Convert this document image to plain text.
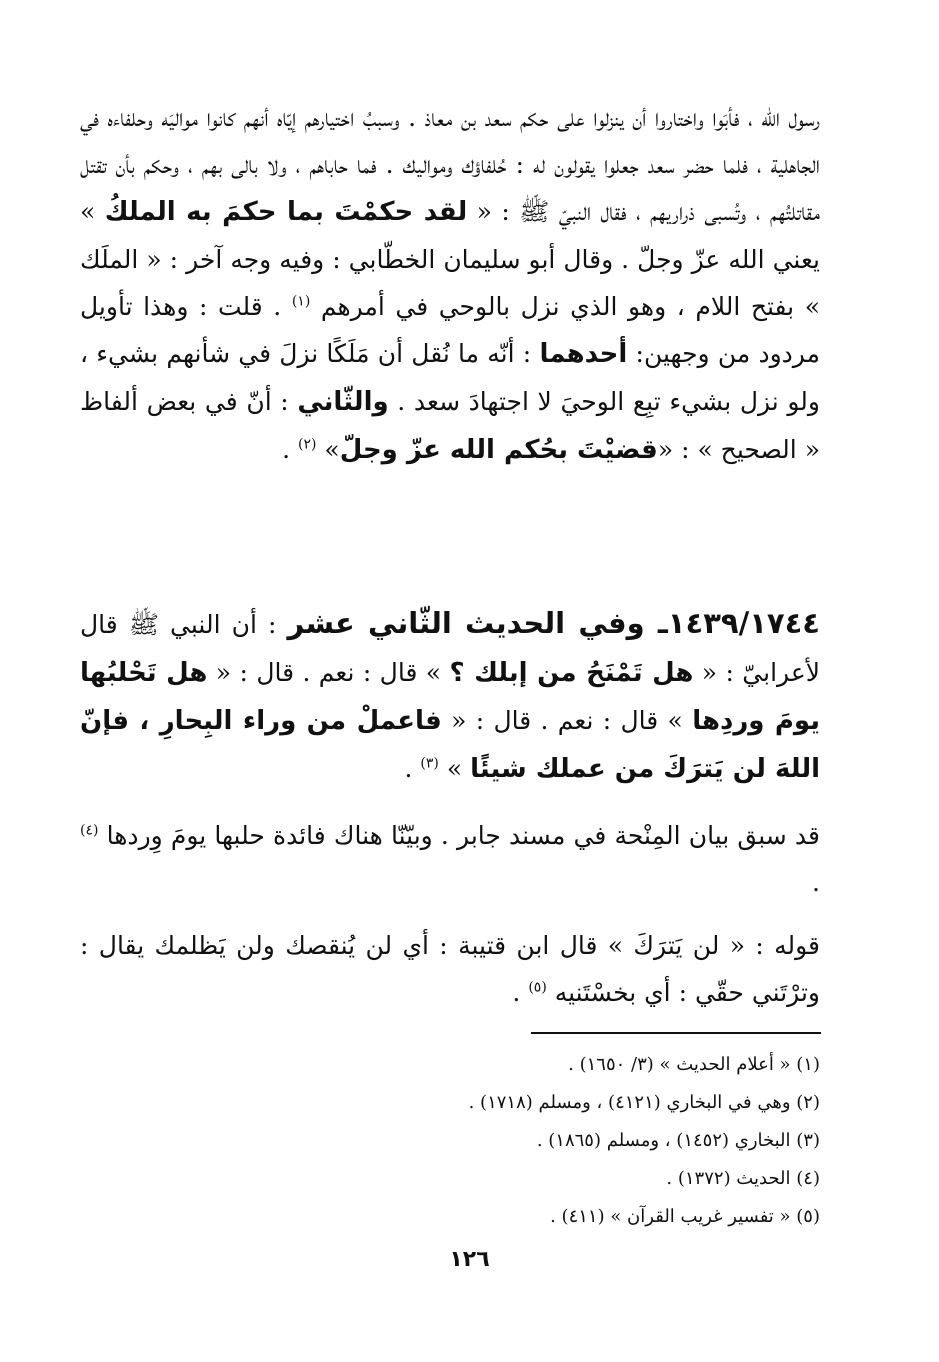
رسول الله ، فأبَوا واختاروا أن ينزلوا على حكم سعد بن معاذ . وسببُ اختيارهم إيّاه أنهم كانوا مواليَه وحلفاءه في الجاهلية ، فلما حضر سعد جعلوا يقولون له : حُلفاؤك ومواليك . فما حاباهم ، ولا بالى بهم ، وحكم بأن تقتل مقاتلتُهم ، وتُسبى ذراريهم ، فقال النبيّ ﷺ : « لقد حكمْتَ بما حكمَ به الملكُ » يعني الله عزّ وجلّ . وقال أبو سليمان الخطّابي : وفيه وجه آخر : « الملَك » بفتح اللام ، وهو الذي نزل بالوحي في أمرهم $^{(١)}$ . قلت : وهذا تأويل مردود من وجهين: أحدهما : أنّه ما نُقل أن مَلَكًا نزلَ في شأنهم بشيء ، ولو نزل بشيء تبِع الوحيَ لا اجتهادَ سعد . والثّاني : أنّ في بعض ألفاظ « الصحيح » : «قضيْتَ بحُكم الله عزّ وجلّ» $^{(٢)}$ .

١٤٣٩/١٧٤٤ـ وفي الحديث الثّاني عشر : أن النبي ﷺ قال لأعرابيّ : « هل تَمْنَحُ من إبلك ؟ » قال : نعم . قال : « هل تَحْلبُها يومَ وردِها » قال : نعم . قال : « فاعملْ من وراء البِحارِ ، فإنّ اللهَ لن يَترَكَ من عملك شيئًا » $^{(٣)}$ .

قد سبق بيان المِنْحة في مسند جابر . وبيّنّا هناك فائدة حلبها يومَ وِردها $^{(٤)}$ .

قوله : « لن يَترَكَ » قال ابن قتيبة : أي لن يُنقصك ولن يَظلمك يقال : وترْتَني حقّي : أي بخسْتَنيه $^{(٥)}$ .

(١) « أعلام الحديث » (٣/ ١٦٥٠) .

(٢) وهي في البخاري (٤١٢١) ، ومسلم (١٧١٨) .

(٣) البخاري (١٤٥٢) ، ومسلم (١٨٦٥) .

(٤) الحديث (١٣٧٢) .

(٥) « تفسير غريب القرآن » (٤١١) .

١٢٦
